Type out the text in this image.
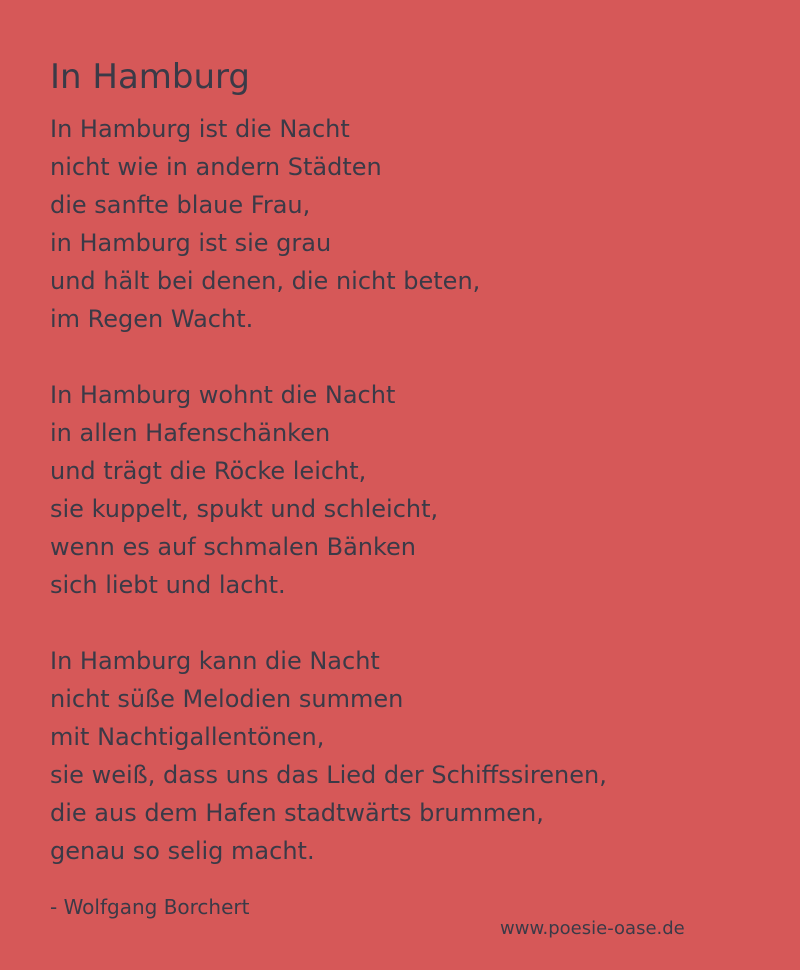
In Hamburg
In Hamburg ist die Nacht
nicht wie in andern Städten
die sanfte blaue Frau,
in Hamburg ist sie grau
und hält bei denen, die nicht beten,
im Regen Wacht.
In Hamburg wohnt die Nacht
in allen Hafenschänken
und trägt die Röcke leicht,
sie kuppelt, spukt und schleicht,
wenn es auf schmalen Bänken
sich liebt und lacht.
In Hamburg kann die Nacht
nicht süße Melodien summen
mit Nachtigallentönen,
sie weiß, dass uns das Lied der Schiffssirenen,
die aus dem Hafen stadtwärts brummen,
genau so selig macht.
- Wolfgang Borchert
www.poesie-oase.de
